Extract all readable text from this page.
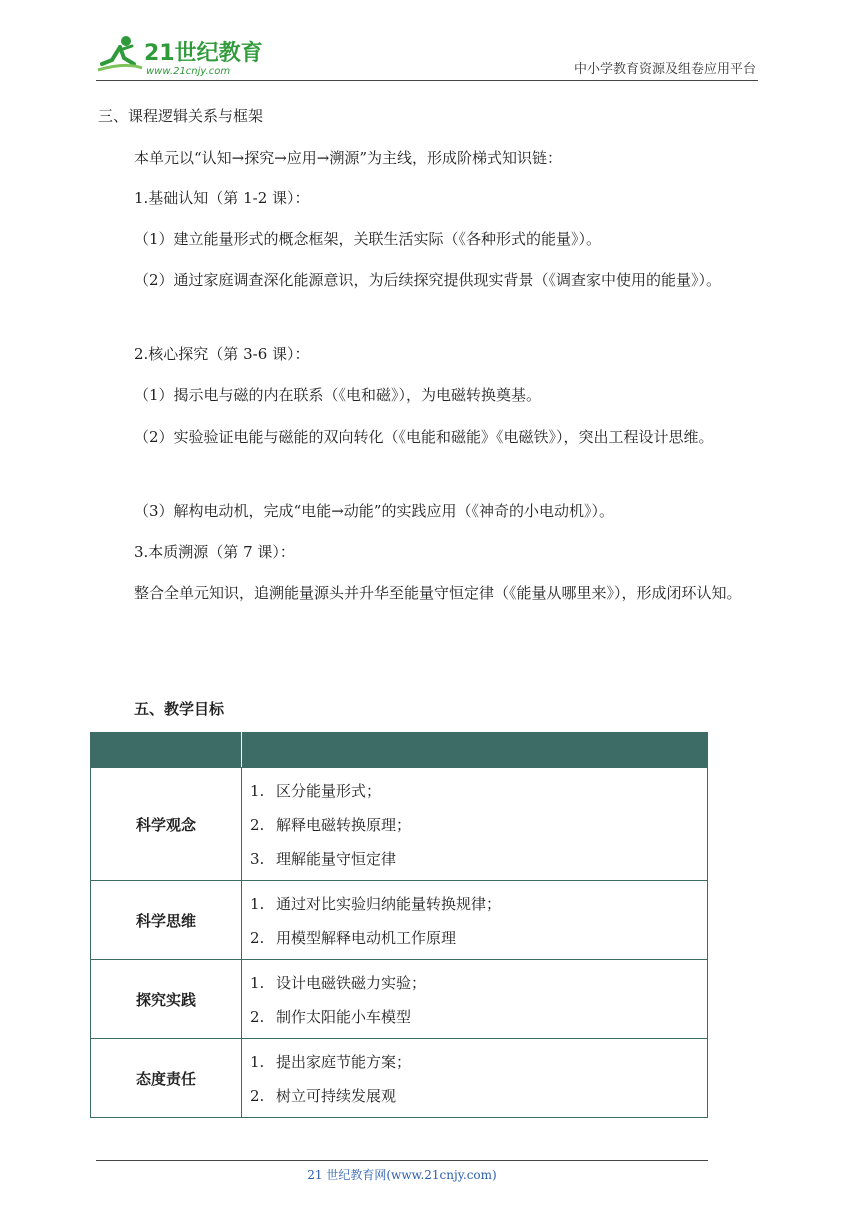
21世纪教育
www.21cnjy.com	中小学教育资源及组卷应用平台
三、课程逻辑关系与框架
本单元以“认知→探究→应用→溯源”为主线，形成阶梯式知识链：
1.基础认知（第 1-2 课）：
（1）建立能量形式的概念框架，关联生活实际（《各种形式的能量》）。
（2）通过家庭调查深化能源意识，为后续探究提供现实背景（《调查家中使用的能量》）。
2.核心探究（第 3-6 课）：
（1）揭示电与磁的内在联系（《电和磁》），为电磁转换奠基。
（2）实验验证电能与磁能的双向转化（《电能和磁能》《电磁铁》），突出工程设计思维。
（3）解构电动机，完成“电能→动能”的实践应用（《神奇的小电动机》）。
3.本质溯源（第 7 课）：
整合全单元知识，追溯能量源头并升华至能量守恒定律（《能量从哪里来》），形成闭环认知。
五、教学目标

科学观念	1. 区分能量形式；
2. 解释电磁转换原理；
3. 理解能量守恒定律

科学思维	1. 通过对比实验归纳能量转换规律；
2. 用模型解释电动机工作原理

探究实践	1. 设计电磁铁磁力实验；
2. 制作太阳能小车模型

态度责任	1. 提出家庭节能方案；
2. 树立可持续发展观
21 世纪教育网(www.21cnjy.com)
